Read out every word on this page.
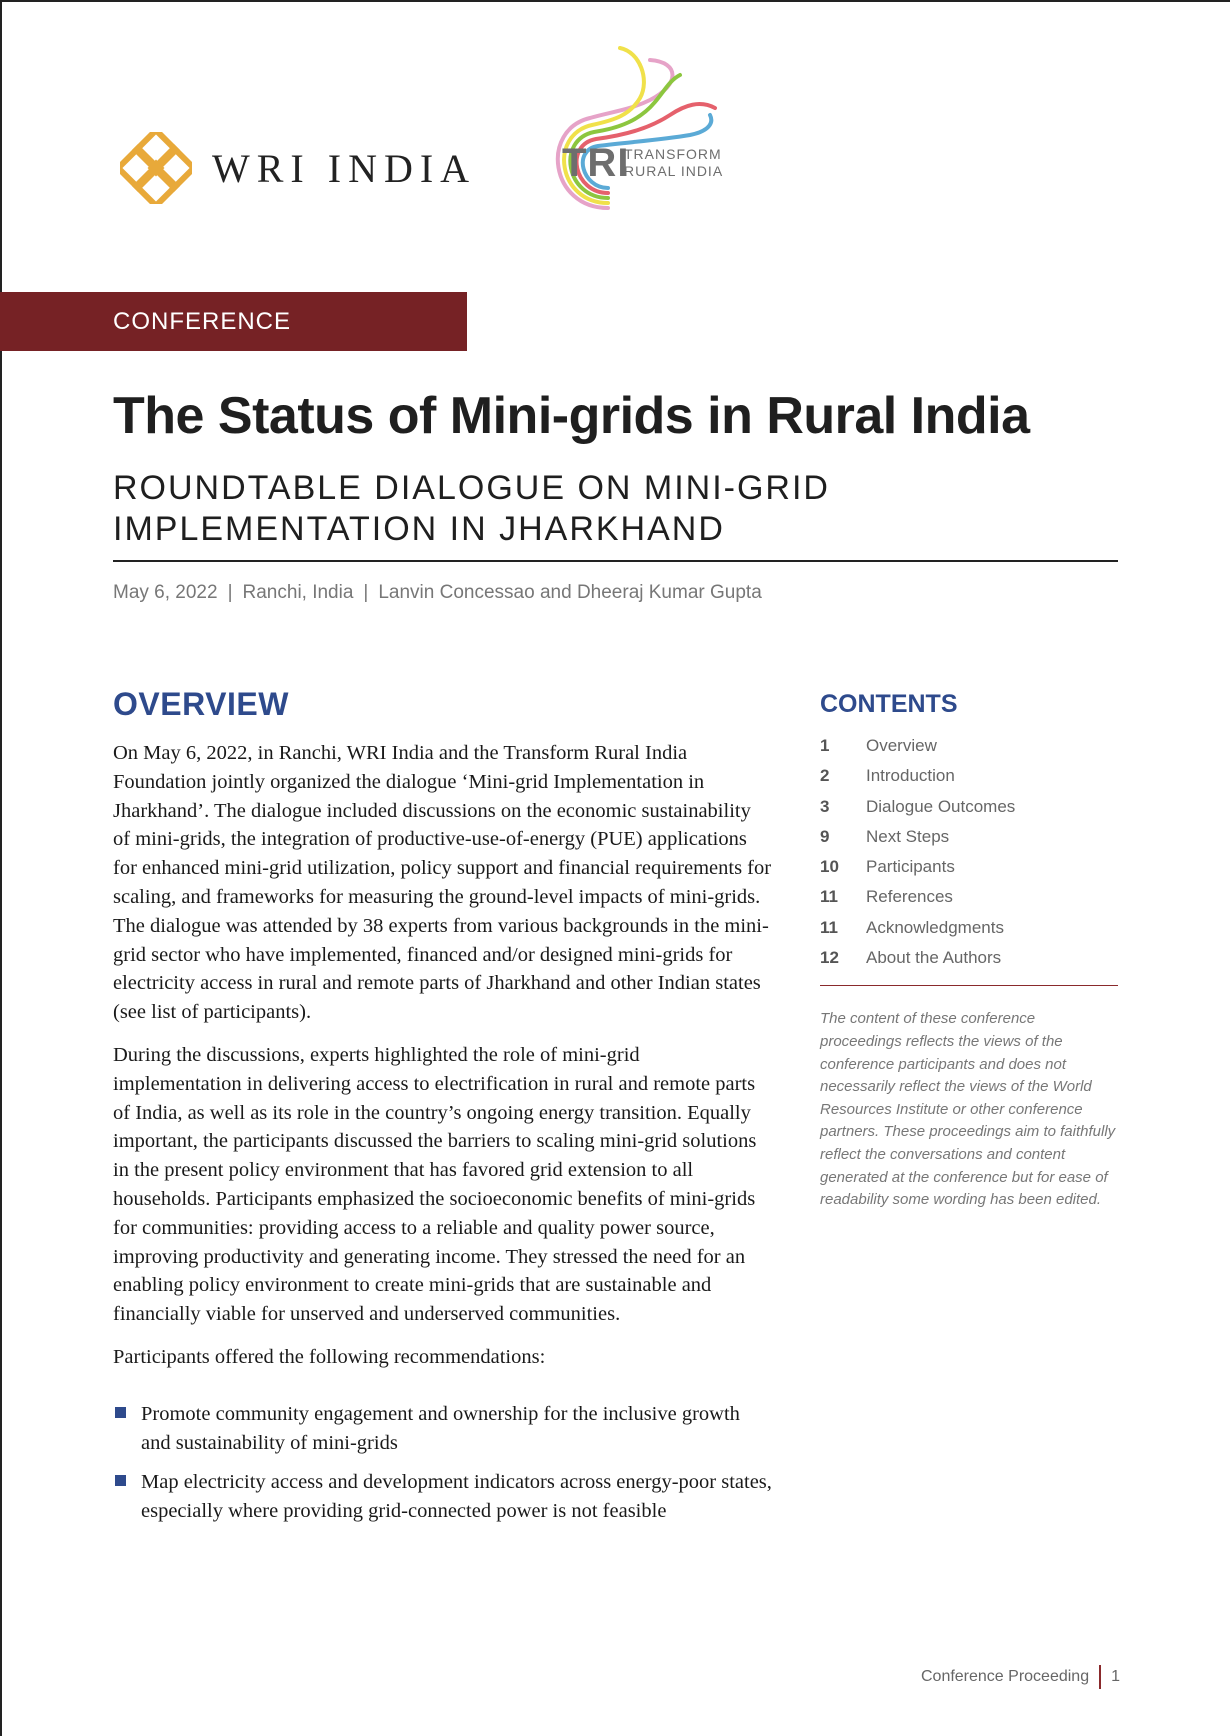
WRI INDIA TRI
TRANSFORM
RURAL INDIA
CONFERENCE PROCEEDINGS
The Status of Mini-grids in Rural India
ROUNDTABLE DIALOGUE ON MINI-GRID IMPLEMENTATION IN JHARKHAND
May 6, 2022 | Ranchi, India | Lanvin Concessao and Dheeraj Kumar Gupta
OVERVIEW

On May 6, 2022, in Ranchi, WRI India and the Transform Rural India Foundation jointly organized the dialogue ‘Mini-grid Implementation in Jharkhand’. The dialogue included discussions on the economic sustainability of mini-grids, the integration of productive-use-of-energy (PUE) applications for enhanced mini-grid utilization, policy support and financial requirements for scaling, and frameworks for measuring the ground-level impacts of mini-grids. The dialogue was attended by 38 experts from various backgrounds in the mini-grid sector who have implemented, financed and/or designed mini-grids for electricity access in rural and remote parts of Jharkhand and other Indian states (see list of participants).

During the discussions, experts highlighted the role of mini-grid implementation in delivering access to electrification in rural and remote parts of India, as well as its role in the country’s ongoing energy transition. Equally important, the participants discussed the barriers to scaling mini-grid solutions in the present policy environment that has favored grid extension to all households. Participants emphasized the socioeconomic benefits of mini-grids for communities: providing access to a reliable and quality power source, improving productivity and generating income. They stressed the need for an enabling policy environment to create mini-grids that are sustainable and financially viable for unserved and underserved communities.

Participants offered the following recommendations:

Promote community engagement and ownership for the inclusive growth and sustainability of mini-grids
Map electricity access and development indicators across energy-poor states, especially where providing grid-connected power is not feasible
CONTENTS
1	Overview
2	Introduction
3	Dialogue Outcomes
9	Next Steps
10	Participants
11	References
11	Acknowledgments
12	About the Authors

The content of these conference proceedings reflects the views of the conference participants and does not necessarily reflect the views of the World Resources Institute or other conference partners. These proceedings aim to faithfully reflect the conversations and content generated at the conference but for ease of readability some wording has been edited.

Conference Proceeding 1
